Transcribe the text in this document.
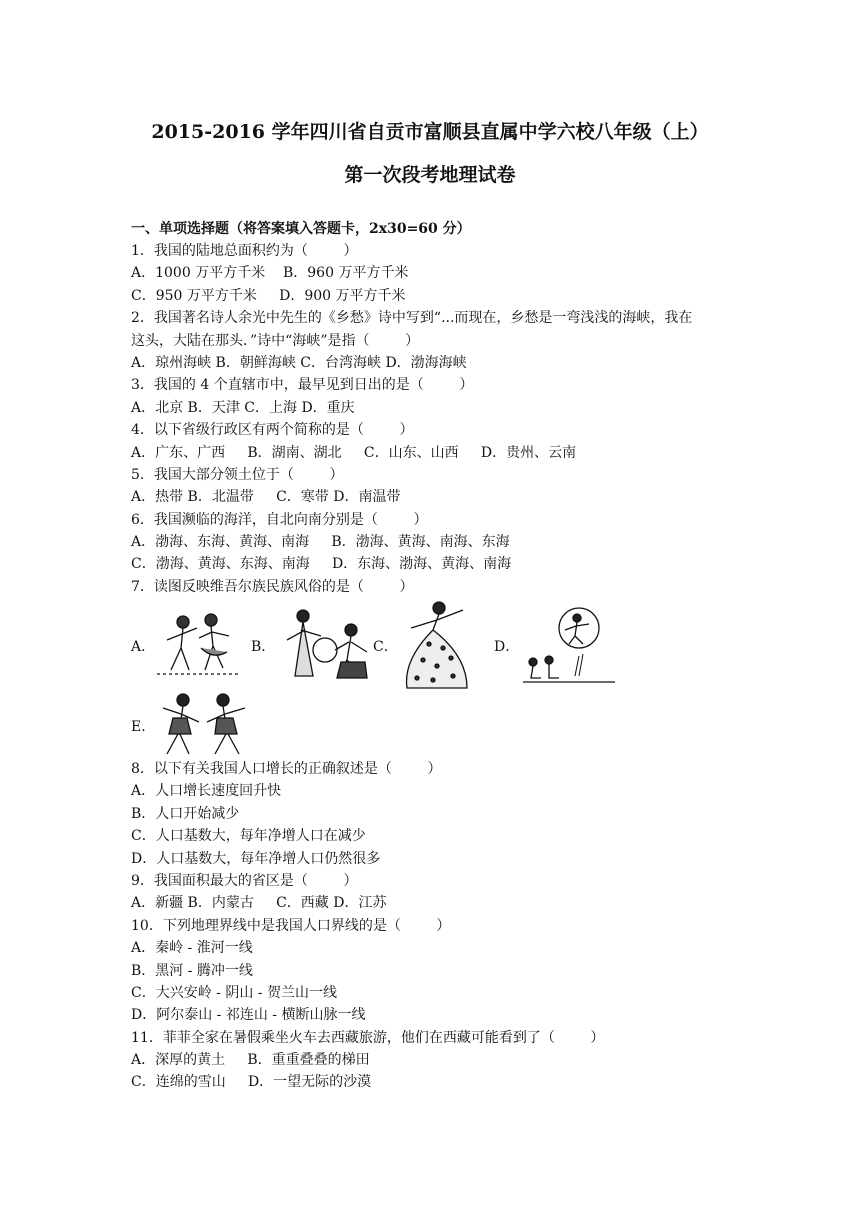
2015-2016 学年四川省自贡市富顺县直属中学六校八年级（上）
第一次段考地理试卷
一、单项选择题（将答案填入答题卡，2x30=60 分）
1．我国的陆地总面积约为（        ）
A．1000 万平方千米    B．960 万平方千米
C．950 万平方千米     D．900 万平方千米
2．我国著名诗人余光中先生的《乡愁》诗中写到“...而现在，乡愁是一弯浅浅的海峡，我在
这头，大陆在那头．”诗中“海峡”是指（        ）
A．琼州海峡 B．朝鲜海峡 C．台湾海峡 D．渤海海峡
3．我国的 4 个直辖市中，最早见到日出的是（        ）
A．北京 B．天津 C．上海 D．重庆
4．以下省级行政区有两个简称的是（        ）
A．广东、广西     B．湖南、湖北     C．山东、山西     D．贵州、云南
5．我国大部分领土位于（        ）
A．热带 B．北温带     C．寒带 D．南温带
6．我国濒临的海洋，自北向南分别是（        ）
A．渤海、东海、黄海、南海     B．渤海、黄海、南海、东海
C．渤海、黄海、东海、南海     D．东海、渤海、黄海、南海
7．读图反映维吾尔族民族风俗的是（        ）
A．	B．	C．	D．
E．
8．以下有关我国人口增长的正确叙述是（        ）
A．人口增长速度回升快
B．人口开始减少
C．人口基数大，每年净增人口在减少
D．人口基数大，每年净增人口仍然很多
9．我国面积最大的省区是（        ）
A．新疆 B．内蒙古     C．西藏 D．江苏
10．下列地理界线中是我国人口界线的是（        ）
A．秦岭 - 淮河一线
B．黑河 - 腾冲一线
C．大兴安岭 - 阴山 - 贺兰山一线
D．阿尔泰山 - 祁连山 - 横断山脉一线
11．菲菲全家在暑假乘坐火车去西藏旅游，他们在西藏可能看到了（        ）
A．深厚的黄土     B．重重叠叠的梯田
C．连绵的雪山     D．一望无际的沙漠
